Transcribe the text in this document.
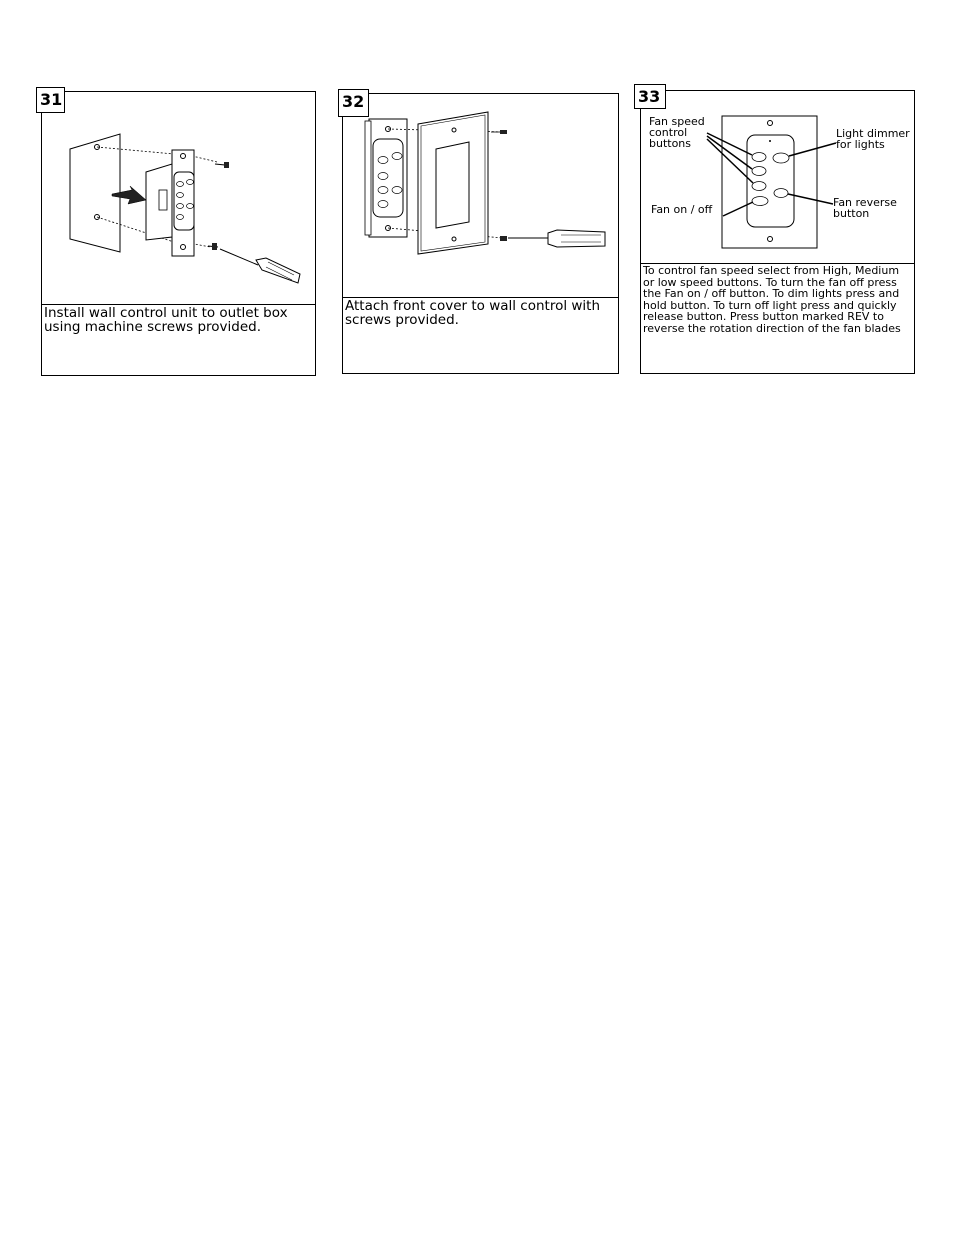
Install wall control unit to outlet box using machine screws provided.
31
Attach front cover to wall control with screws provided.
32
Fan speed
control
buttons
Light dimmer
for lights
Fan on / off
Fan reverse
button
To control fan speed select from High, Medium or low speed buttons. To turn the fan off press the Fan on / off button. To dim lights press and hold button. To turn off light press and quickly release button. Press button marked REV to reverse the rotation direction of the fan blades
33
